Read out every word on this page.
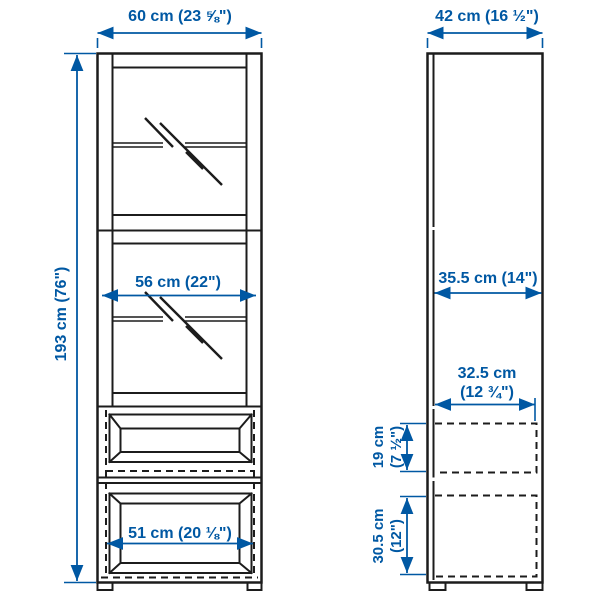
60 cm (23 ⅝")	42 cm (16 ½")
193 cm (76")	56 cm (22")
51 cm (20 ⅛")
35.5 cm (14")
32.5 cm
(12 ¾")
19 cm (7 ½")
30.5 cm (12")
